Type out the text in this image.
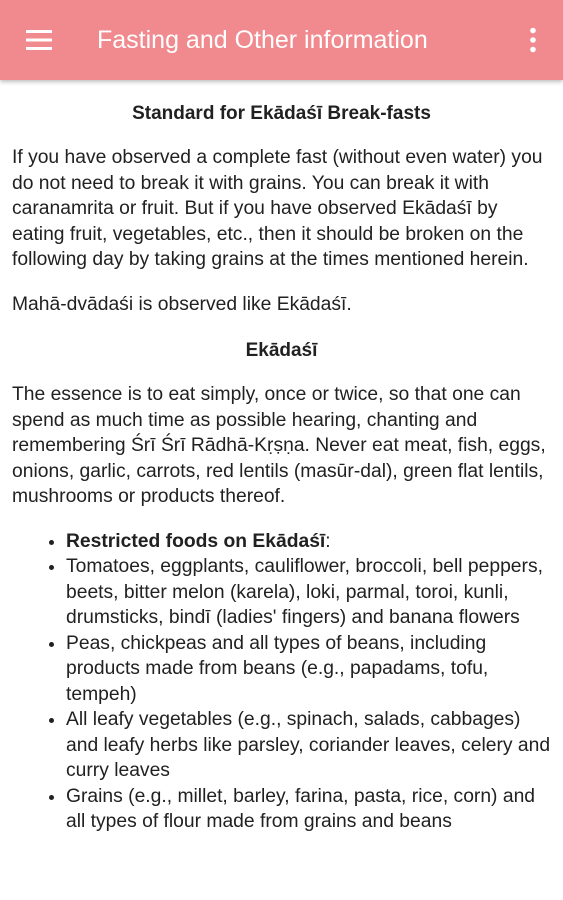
Fasting and Other information
Standard for Ekādaśī Break-fasts

If you have observed a complete fast (without even water) you do not need to break it with grains. You can break it with caranamrita or fruit. But if you have observed Ekādaśī by eating fruit, vegetables, etc., then it should be broken on the following day by taking grains at the times mentioned herein.

Mahā-dvādaśi is observed like Ekādaśī.

Ekādaśī

The essence is to eat simply, once or twice, so that one can spend as much time as possible hearing, chanting and remembering Śrī Śrī Rādhā-Kṛṣṇa. Never eat meat, fish, eggs, onions, garlic, carrots, red lentils (masūr-dal), green flat lentils, mushrooms or products thereof.

• Restricted foods on Ekādaśī:
• Tomatoes, eggplants, cauliflower, broccoli, bell peppers, beets, bitter melon (karela), loki, parmal, toroi, kunli, drumsticks, bindī (ladies' fingers) and banana flowers
• Peas, chickpeas and all types of beans, including products made from beans (e.g., papadams, tofu, tempeh)
• All leafy vegetables (e.g., spinach, salads, cabbages) and leafy herbs like parsley, coriander leaves, celery and curry leaves
• Grains (e.g., millet, barley, farina, pasta, rice, corn) and all types of flour made from grains and beans
